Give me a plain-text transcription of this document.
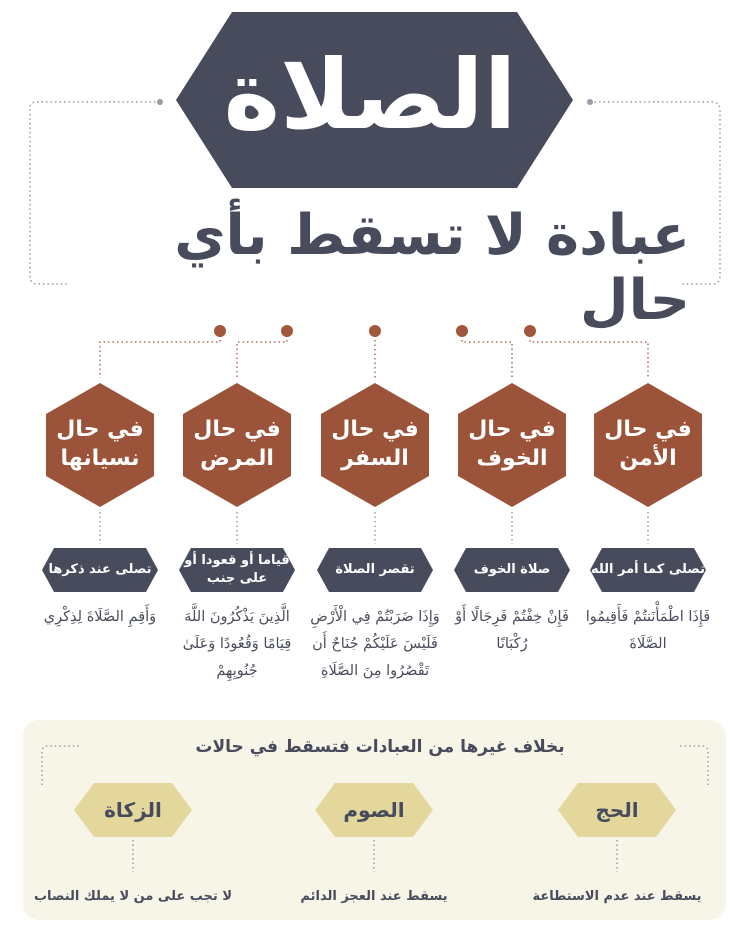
الصلاة
عبادة لا تسقط بأي حال
في حال الأمن
في حال الخوف
في حال السفر
في حال المرض
في حال نسيانها
تصلى كما أمر الله
صلاة الخوف
تقصر الصلاة
قياما أو قعودا أو على جنب
تصلى عند ذكرها
فَإِذَا اطْمَأْنَنتُمْ فَأَقِيمُوا الصَّلَاةَ
فَإِنْ خِفْتُمْ فَرِجَالًا أَوْ رُكْبَانًا
وَإِذَا ضَرَبْتُمْ فِي الْأَرْضِ فَلَيْسَ عَلَيْكُمْ جُنَاحٌ أَن تَقْصُرُوا مِنَ الصَّلَاةِ
الَّذِينَ يَذْكُرُونَ اللَّهَ قِيَامًا وَقُعُودًا وَعَلَىٰ جُنُوبِهِمْ
وَأَقِمِ الصَّلَاةَ لِذِكْرِي
بخلاف غيرها من العبادات فتسقط في حالات
الحج
الصوم
الزكاة
يسقط عند عدم الاستطاعة
يسقط عند العجز الدائم
لا تجب على من لا يملك النصاب
